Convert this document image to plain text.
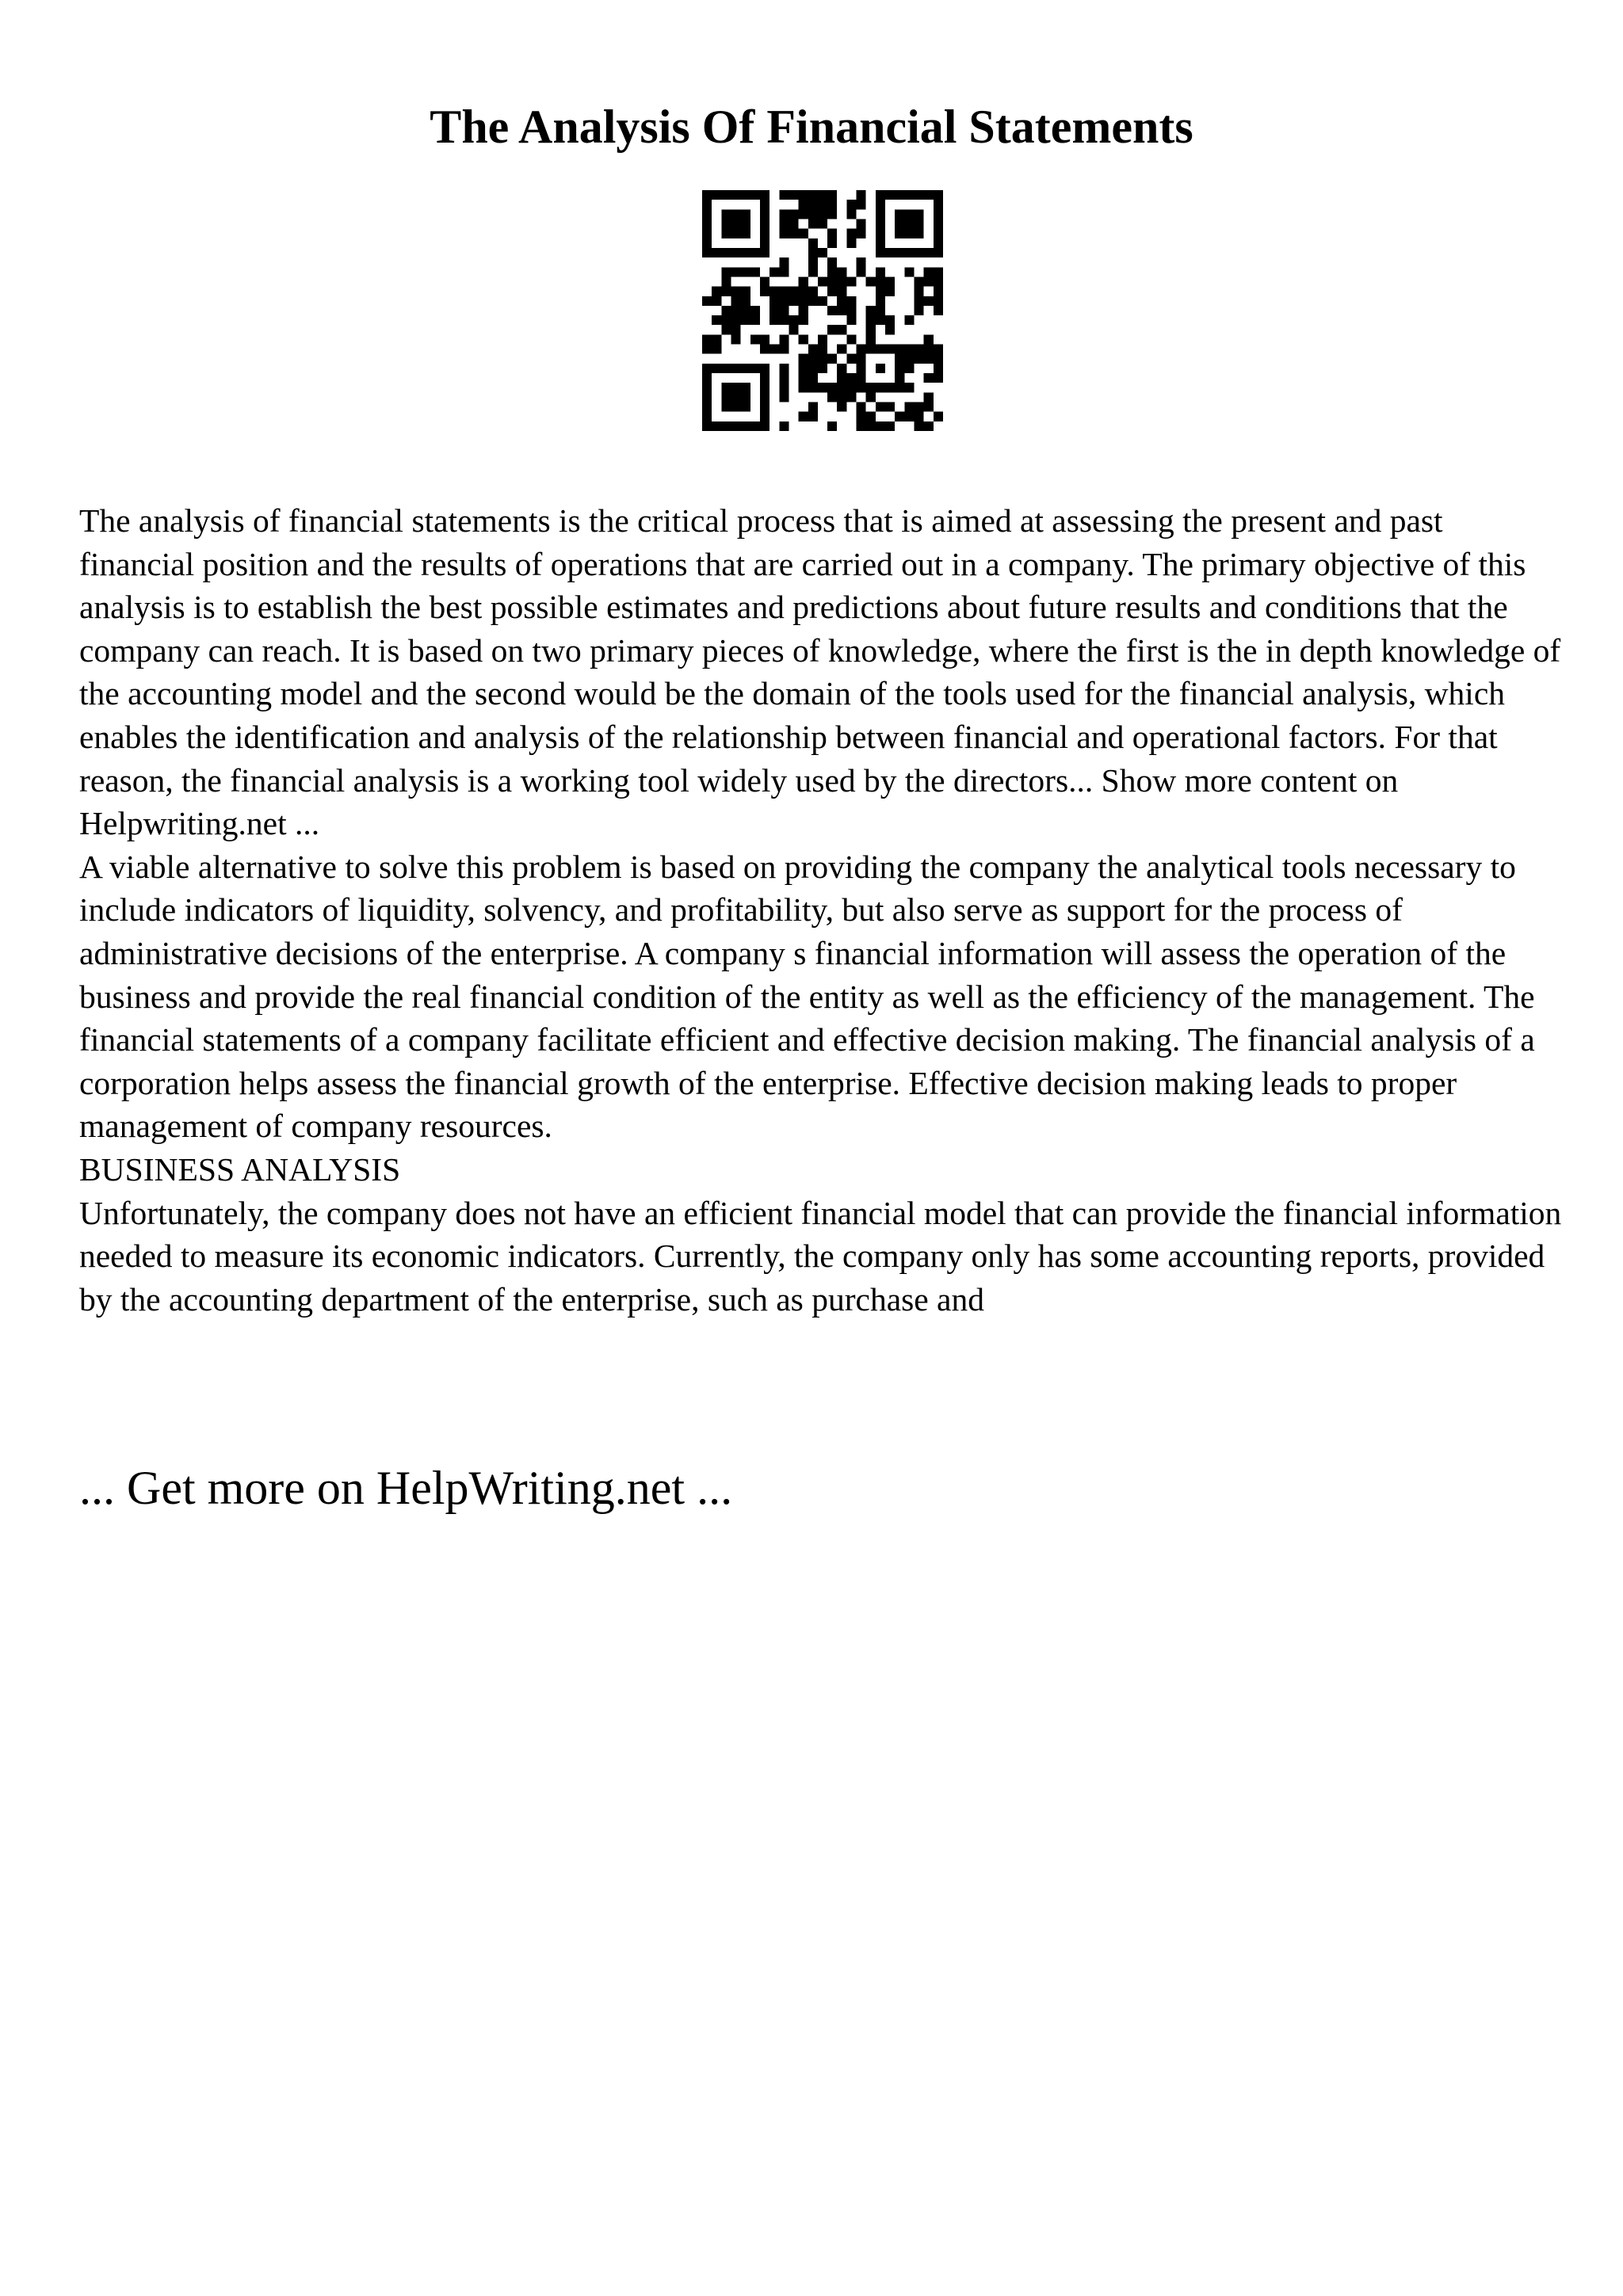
The Analysis Of Financial Statements

The analysis of financial statements is the critical process that is aimed at assessing the present and past financial position and the results of operations that are carried out in a company. The primary objective of this analysis is to establish the best possible estimates and predictions about future results and conditions that the company can reach. It is based on two primary pieces of knowledge, where the first is the in depth knowledge of the accounting model and the second would be the domain of the tools used for the financial analysis, which enables the identification and analysis of the relationship between financial and operational factors. For that reason, the financial analysis is a working tool widely used by the directors... Show more content on Helpwriting.net ...

A viable alternative to solve this problem is based on providing the company the analytical tools necessary to include indicators of liquidity, solvency, and profitability, but also serve as support for the process of administrative decisions of the enterprise. A company s financial information will assess the operation of the business and provide the real financial condition of the entity as well as the efficiency of the management. The financial statements of a company facilitate efficient and effective decision making. The financial analysis of a corporation helps assess the financial growth of the enterprise. Effective decision making leads to proper management of company resources.

BUSINESS ANALYSIS

Unfortunately, the company does not have an efficient financial model that can provide the financial information needed to measure its economic indicators. Currently, the company only has some accounting reports, provided by the accounting department of the enterprise, such as purchase and

... Get more on HelpWriting.net ...
